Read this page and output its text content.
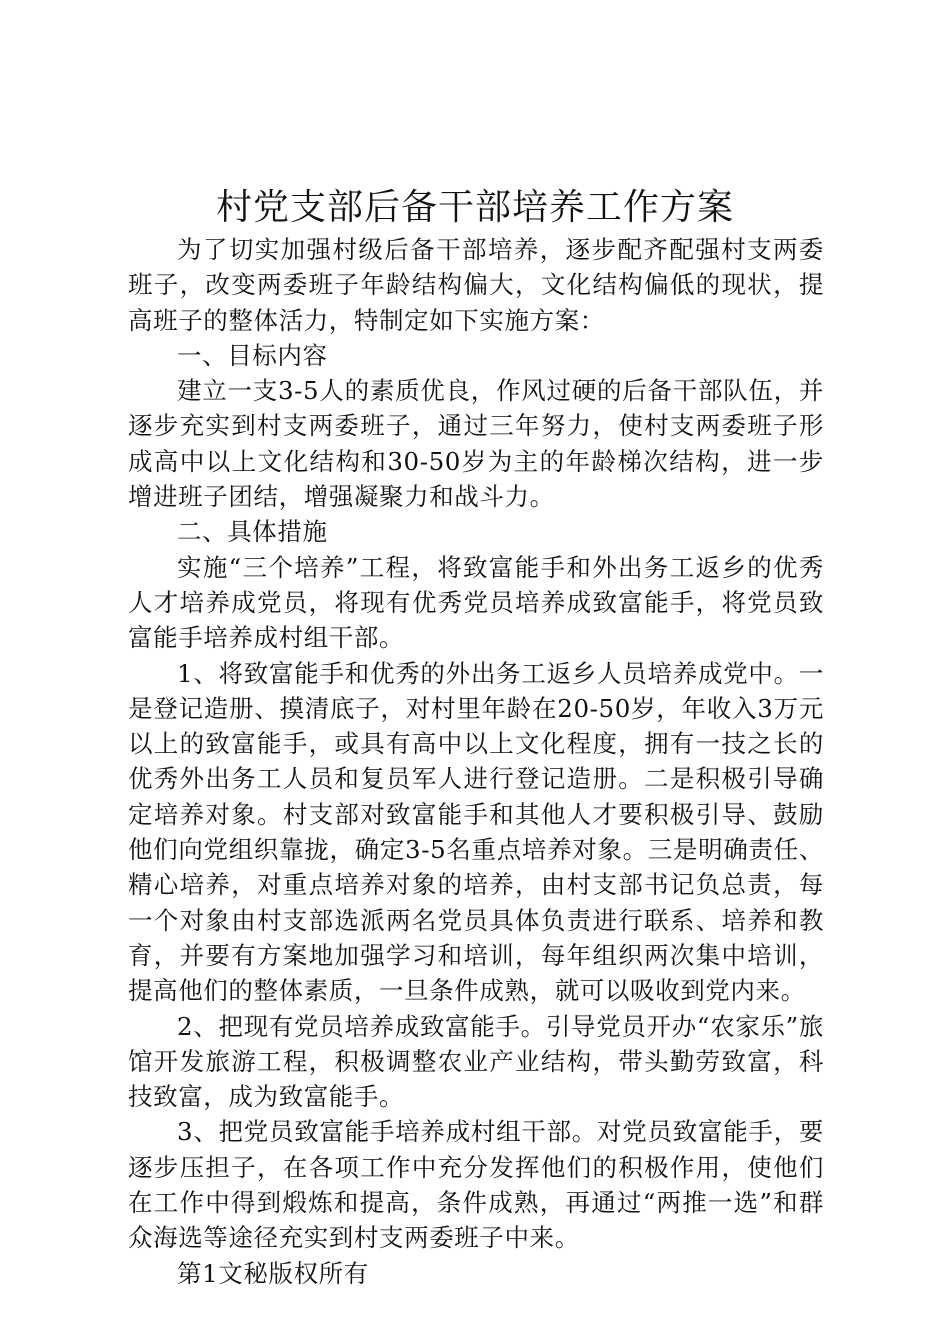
村党支部后备干部培养工作方案

为了切实加强村级后备干部培养，逐步配齐配强村支两委班子，改变两委班子年龄结构偏大，文化结构偏低的现状，提高班子的整体活力，特制定如下实施方案：

一、目标内容

建立一支3-5人的素质优良，作风过硬的后备干部队伍，并逐步充实到村支两委班子，通过三年努力，使村支两委班子形成高中以上文化结构和30-50岁为主的年龄梯次结构，进一步增进班子团结，增强凝聚力和战斗力。

二、具体措施

实施“三个培养”工程，将致富能手和外出务工返乡的优秀人才培养成党员，将现有优秀党员培养成致富能手，将党员致富能手培养成村组干部。

1、将致富能手和优秀的外出务工返乡人员培养成党中。一是登记造册、摸清底子，对村里年龄在20-50岁，年收入3万元以上的致富能手，或具有高中以上文化程度，拥有一技之长的优秀外出务工人员和复员军人进行登记造册。二是积极引导确定培养对象。村支部对致富能手和其他人才要积极引导、鼓励他们向党组织靠拢，确定3-5名重点培养对象。三是明确责任、精心培养，对重点培养对象的培养，由村支部书记负总责，每一个对象由村支部选派两名党员具体负责进行联系、培养和教育，并要有方案地加强学习和培训，每年组织两次集中培训，提高他们的整体素质，一旦条件成熟，就可以吸收到党内来。

2、把现有党员培养成致富能手。引导党员开办“农家乐”旅馆开发旅游工程，积极调整农业产业结构，带头勤劳致富，科技致富，成为致富能手。

3、把党员致富能手培养成村组干部。对党员致富能手，要逐步压担子，在各项工作中充分发挥他们的积极作用，使他们在工作中得到煅炼和提高，条件成熟，再通过“两推一选”和群众海选等途径充实到村支两委班子中来。

第1文秘版权所有
